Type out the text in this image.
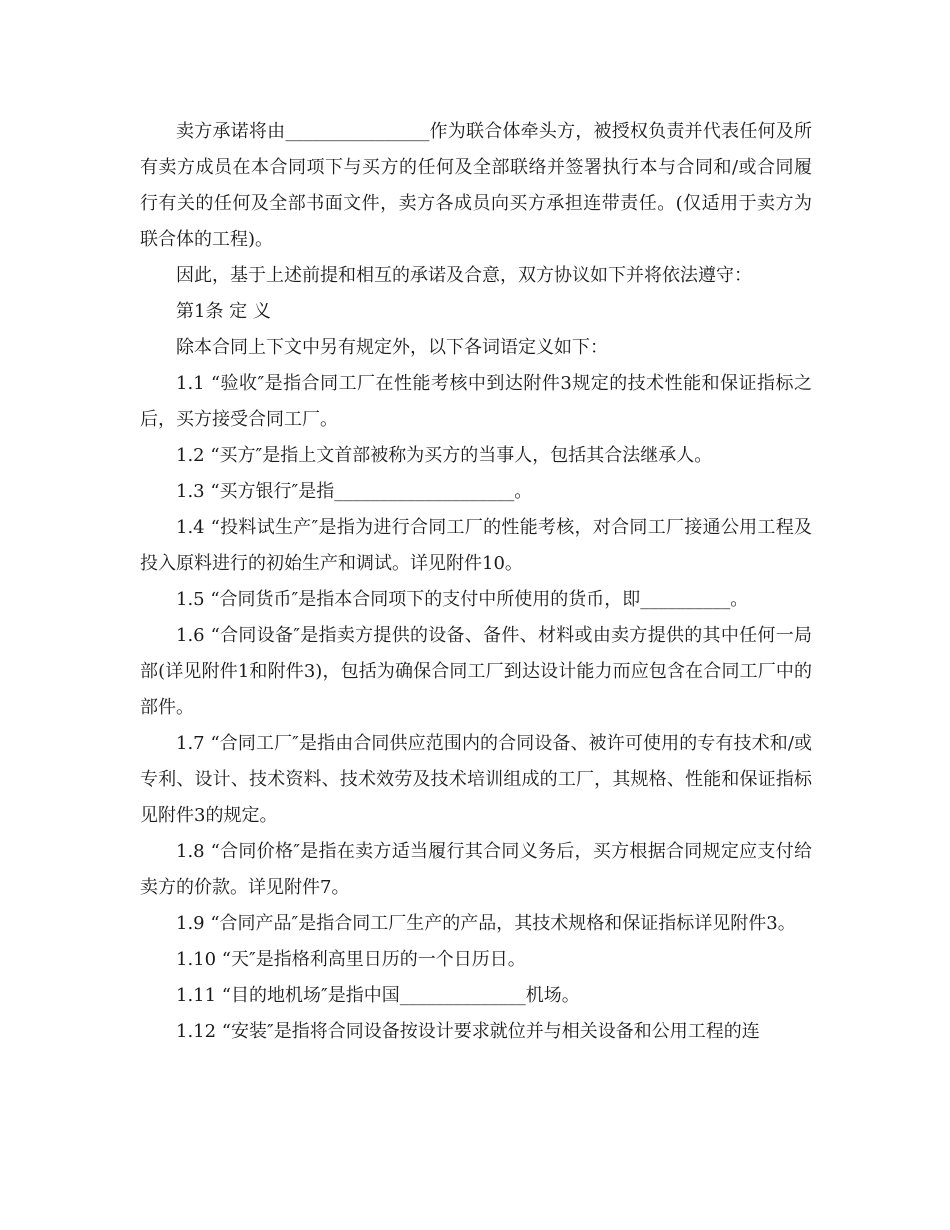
卖方承诺将由________________作为联合体牵头方，被授权负责并代表任何及所有卖方成员在本合同项下与买方的任何及全部联络并签署执行本与合同和/或合同履行有关的任何及全部书面文件，卖方各成员向买方承担连带责任。(仅适用于卖方为联合体的工程)。

因此，基于上述前提和相互的承诺及合意，双方协议如下并将依法遵守：

第1条 定 义

除本合同上下文中另有规定外，以下各词语定义如下：

1.1 “验收″是指合同工厂在性能考核中到达附件3规定的技术性能和保证指标之后，买方接受合同工厂。

1.2 “买方″是指上文首部被称为买方的当事人，包括其合法继承人。

1.3 “买方银行″是指____________________。

1.4 “投料试生产″是指为进行合同工厂的性能考核，对合同工厂接通公用工程及投入原料进行的初始生产和调试。详见附件10。

1.5 “合同货币″是指本合同项下的支付中所使用的货币，即__________。

1.6 “合同设备″是指卖方提供的设备、备件、材料或由卖方提供的其中任何一局部(详见附件1和附件3)，包括为确保合同工厂到达设计能力而应包含在合同工厂中的部件。

1.7 “合同工厂″是指由合同供应范围内的合同设备、被许可使用的专有技术和/或专利、设计、技术资料、技术效劳及技术培训组成的工厂，其规格、性能和保证指标见附件3的规定。

1.8 “合同价格″是指在卖方适当履行其合同义务后，买方根据合同规定应支付给卖方的价款。详见附件7。

1.9 “合同产品″是指合同工厂生产的产品，其技术规格和保证指标详见附件3。

1.10 “天″是指格利高里日历的一个日历日。

1.11 “目的地机场″是指中国______________机场。

1.12 “安装″是指将合同设备按设计要求就位并与相关设备和公用工程的连
